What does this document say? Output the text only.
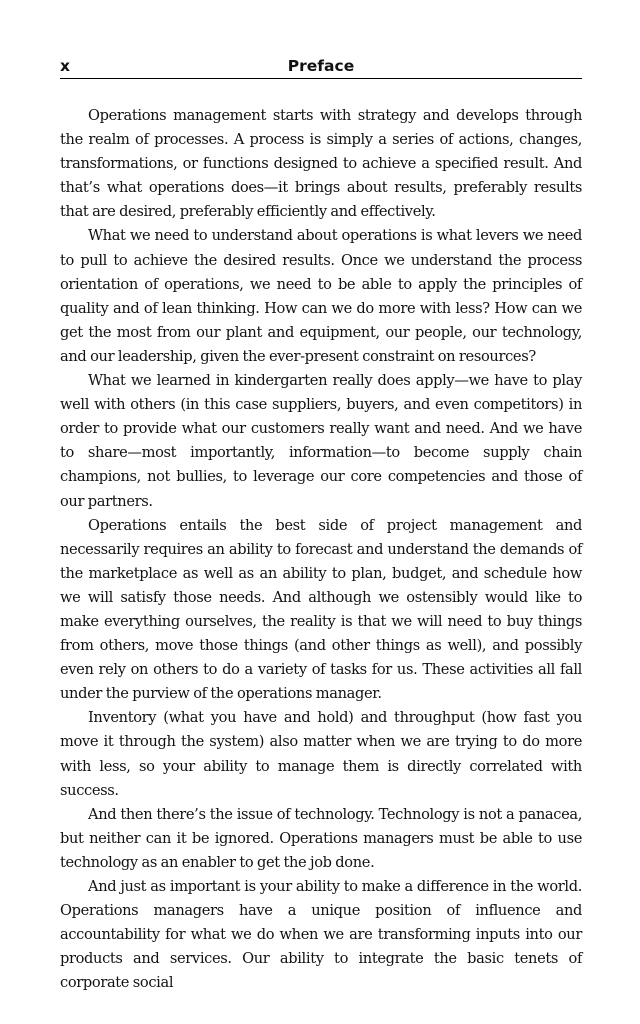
x	Preface

Operations management starts with strategy and develops through the realm of processes. A process is simply a series of actions, changes, transformations, or functions designed to achieve a specified result. And that’s what operations does—it brings about results, preferably results that are desired, preferably efficiently and effectively.

What we need to understand about operations is what levers we need to pull to achieve the desired results. Once we understand the process orientation of operations, we need to be able to apply the principles of quality and of lean thinking. How can we do more with less? How can we get the most from our plant and equipment, our people, our technology, and our leadership, given the ever-present constraint on resources?

What we learned in kindergarten really does apply—we have to play well with others (in this case suppliers, buyers, and even competitors) in order to provide what our customers really want and need. And we have to share—most importantly, information—to become supply chain champions, not bullies, to leverage our core competencies and those of our partners.

Operations entails the best side of project management and necessarily requires an ability to forecast and understand the demands of the marketplace as well as an ability to plan, budget, and schedule how we will satisfy those needs. And although we ostensibly would like to make everything ourselves, the reality is that we will need to buy things from others, move those things (and other things as well), and possibly even rely on others to do a variety of tasks for us. These activities all fall under the purview of the operations manager.

Inventory (what you have and hold) and throughput (how fast you move it through the system) also matter when we are trying to do more with less, so your ability to manage them is directly correlated with success.

And then there’s the issue of technology. Technology is not a panacea, but neither can it be ignored. Operations managers must be able to use technology as an enabler to get the job done.

And just as important is your ability to make a difference in the world. Operations managers have a unique position of influence and accountability for what we do when we are transforming inputs into our products and services. Our ability to integrate the basic tenets of corporate social
